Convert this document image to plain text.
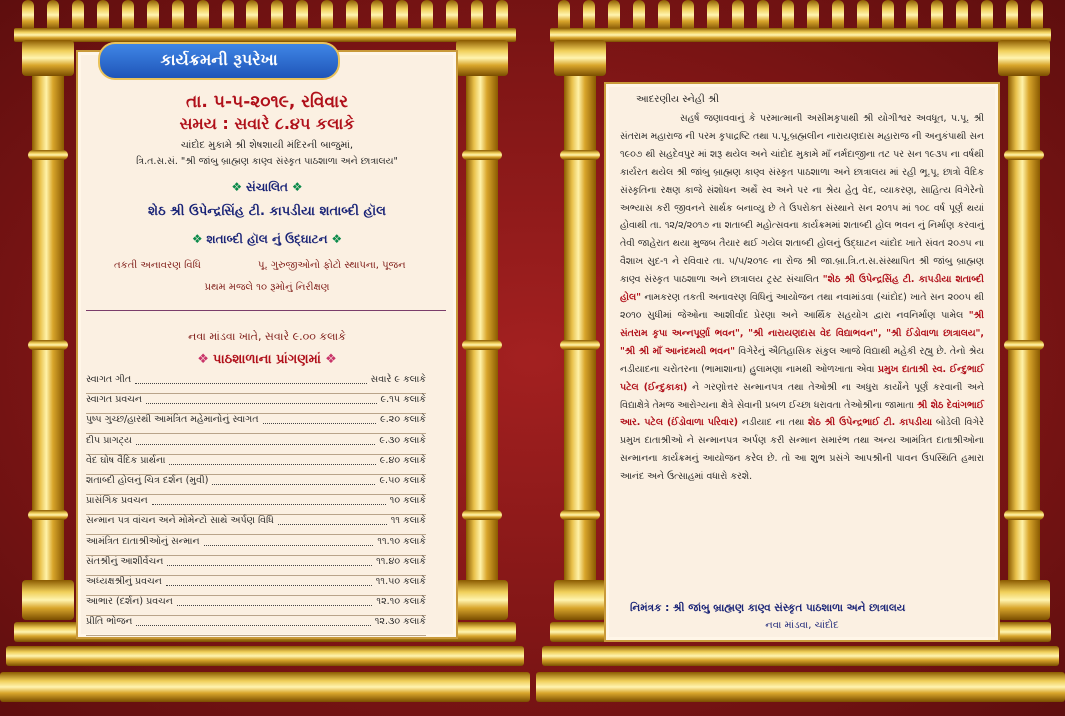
તા. ૫-૫-૨૦૧૯, રવિવાર
સમય : સવારે ૮.૪૫ કલાકે
ચાંદોદ મુકામે શ્રી શેષશાયી મંદિરની બાજુમાં,
ત્રિ.ત.સ.સં. "શ્રી જાંબુ બ્રાહ્મણ કાણ્વ સંસ્કૃત પાઠશાળા અને છાત્રાલય"
❖ સંચાલિત ❖
શેઠ શ્રી ઉપેન્દ્રસિંહ ટી. કાપડીયા શતાબ્દી હૉલ
❖ શતાબ્દી હૉલ નું ઉદ્ઘાટન ❖
તકતી અનાવરણ વિધિ	પૂ. ગુરુજીઓનો ફોટો સ્થાપના, પૂજન
પ્રથમ મજલે ૧૦ રૂમોનું નિરીક્ષણ
નવા માંડવા ખાતે, સવારે ૯.૦૦ કલાકે
❖ પાઠશાળાના પ્રાંગણમાં ❖
સ્વાગત ગીત	સવારે ૯ કલાકે
સ્વાગત પ્રવચન	૯.૧૫ કલાકે
પુષ્પ ગુચ્છ/હારથી આમંત્રિત મહેમાનોનું સ્વાગત	૯.૨૦ કલાકે
દીપ પ્રાગટ્ય	૯.૩૦ કલાકે
વેદ ઘોષ વૈદિક પ્રાર્થના	૯.૪૦ કલાકે
શતાબ્દી હોલનું ચિત્ર દર્શન (મુવી)	૯.૫૦ કલાકે
પ્રાસંગિક પ્રવચન	૧૦ કલાકે
સન્માન પત્ર વાંચન અને મોમેન્ટો સાથે અર્પણ વિધિ	૧૧ કલાકે
આમંત્રિત દાતાશ્રીઓનું સન્માન	૧૧.૧૦ કલાકે
સંતશ્રીનું આશીર્વચન	૧૧.૪૦ કલાકે
અધ્યક્ષશ્રીનું પ્રવચન	૧૧.૫૦ કલાકે
આભાર (દર્શન) પ્રવચન	૧૨.૧૦ કલાકે
પ્રીતિ ભોજન	૧૨.૩૦ કલાકે
કાર્યક્રમની રૂપરેખા
આદરણીય સ્નેહી શ્રી
સહર્ષ જણાવવાનું કે પરમાત્માની અસીમકૃપાથી શ્રી યોગીશ્વર અવધૂત, પ.પૂ. શ્રી સંતરામ મહારાજ ની પરમ કૃપાદ્રષ્ટિ તથા પ.પૂ.બ્રહ્મલીન નારાયણદાસ મહારાજ ની અનુકંપાથી સન ૧૯૦૭ થી સહદેવપુર માં શરૂ થયેલ અને ચાંદોદ મુકામે માઁ નર્મદાજીના તટ પર સન ૧૯૩૫ ના વર્ષથી કાર્યરત થયેલ શ્રી જાંબુ બ્રાહ્મણ કાણ્વ સંસ્કૃત પાઠશાળા અને છાત્રાલય માં રહી ભૂ.પૂ. છાત્રો વૈદિક સંસ્કૃતિના રક્ષણ કાજે સંશોધન અર્થે સ્વ અને પર ના શ્રેય હેતુ વેદ, વ્યાકરણ, સાહિત્ય વિગેરેનો અભ્યાસ કરી જીવનને સાર્થક બનાવ્યુ છે તે ઉપરોક્ત સંસ્થાને સન ૨૦૧૫ માં ૧૦૮ વર્ષ પૂર્ણ થયાં હોવાથી તા. ૧૨/૨/૨૦૧૭ ના શતાબ્દી મહોત્સવના કાર્યક્રમમાં શતાબ્દી હોલ ભવન નું નિર્માણ કરવાનું તેવી જાહેરાત થયા મુજબ તૈયાર થઈ ગયેલ શતાબ્દી હોલનું ઉદ્ઘાટન ચાંદોદ ખાતે સંવત ૨૦૭૫ ના વૈશાખ સુદ-૧ ને રવિવાર તા. ૫/૫/૨૦૧૯ ના રોજ શ્રી જા.બ્રા.ત્રિ.ત.સ.સંસ્થાપિત શ્રી જાંબુ બ્રાહ્મણ કાણ્વ સંસ્કૃત પાઠશાળા અને છાત્રાલય ટ્રસ્ટ સંચાલિત "શેઠ શ્રી ઉપેન્દ્રસિંહ ટી. કાપડીયા શતાબ્દી હોલ" નામકરણ તકતી અનાવરણ વિધિનું આયોજન તથા નવામાંડવા (ચાંદોદ) ખાતે સન ૨૦૦૫ થી ૨૦૧૦ સુધીમાં જેઓના આશીર્વાદ પ્રેરણા અને આર્થિક સહયોગ દ્વારા નવનિર્માણ પામેલ "શ્રી સંતરામ કૃપા અન્નપૂર્ણા ભવન", "શ્રી નારાયણદાસ વેદ વિદ્યાભવન", "શ્રી ઈંડોવાળા છાત્રાલય", "શ્રી શ્રી માઁ આનંદમયી ભવન" વિગેરેનું ઐતિહાસિક સંકુલ આજે વિદ્યાથી મહેકી રહ્યુ છે. તેનો શ્રેય નડીયાદના ચરોતરના (ભામાશાના) હુલામણા નામથી ઓળખાતા એવા પ્રમુખ દાતાશ્રી સ્વ. ઈન્દુભાઈ પટેલ (ઈન્દુકાકા) ને ગરણોત્તર સન્માનપત્ર તથા તેઓશ્રી ના અધુરા કાર્યોને પૂર્ણ કરવાની અને વિદ્યાક્ષેત્રે તેમજ આરોગ્યના ક્ષેત્રે સેવાની પ્રબળ ઈચ્છા ધરાવતા તેઓશ્રીના જામાતા શ્રી શેઠ દેવાંગભાઈ આર. પટેલ (ઈંડોવાળા પરિવાર) નડીયાદ ના તથા શેઠ શ્રી ઉપેન્દ્રભાઈ ટી. કાપડીયા બોડેલી વિગેરે પ્રમુખ દાતાશ્રીઓ ને સન્માનપત્ર અર્પણ કરી સન્માન સમારંભ તથા અન્ય આમંત્રિત દાતાશ્રીઓના સન્માનના કાર્યક્રમનું આયોજન કરેલ છે. તો આ શુભ પ્રસંગે આપશ્રીની પાવન ઉપસ્થિતિ હમારા આનંદ અને ઉત્સાહમાં વધારો કરશે.
નિમંત્રક : શ્રી જાંબુ બ્રાહ્મણ કાણ્વ સંસ્કૃત પાઠશાળા અને છાત્રાલય
નવા માંડવા, ચાંદોદ
